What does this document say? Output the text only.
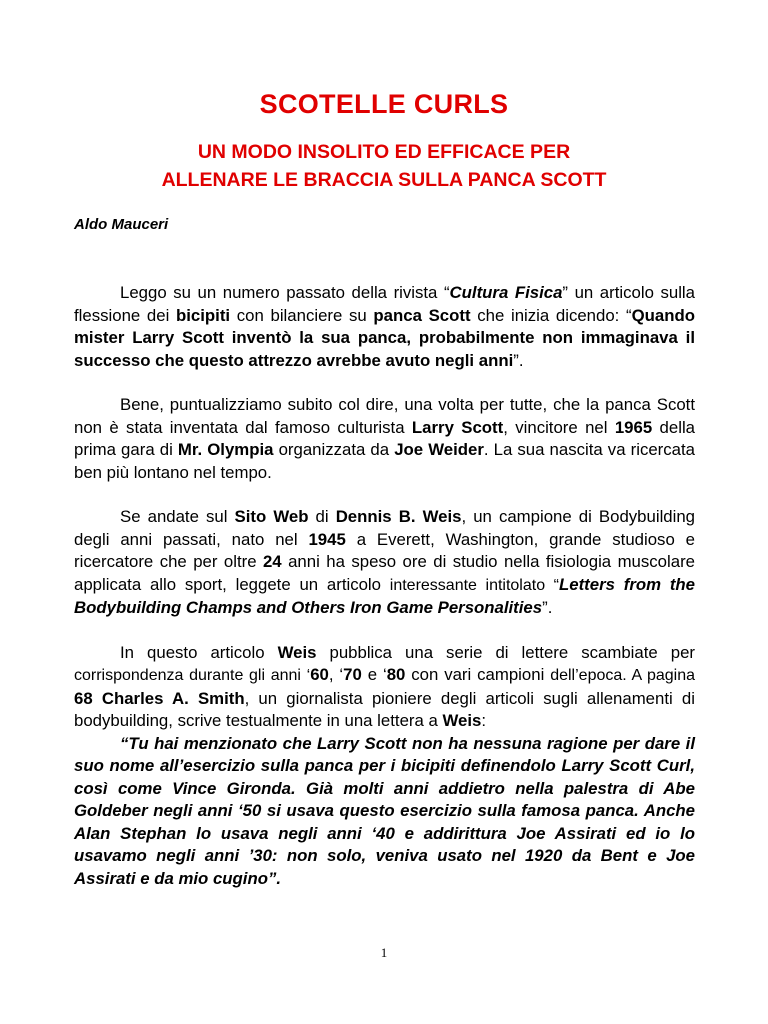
SCOTELLE CURLS
UN MODO INSOLITO ED EFFICACE PER
ALLENARE LE BRACCIA SULLA PANCA SCOTT
Aldo Mauceri

Leggo su un numero passato della rivista “Cultura Fisica” un articolo sulla flessione dei bicipiti con bilanciere su panca Scott che inizia dicendo: “Quando mister Larry Scott inventò la sua panca, probabilmente non immaginava il successo che questo attrezzo avrebbe avuto negli anni”.

Bene, puntualizziamo subito col dire, una volta per tutte, che la panca Scott non è stata inventata dal famoso culturista Larry Scott, vincitore nel 1965 della prima gara di Mr. Olympia organizzata da Joe Weider. La sua nascita va ricercata ben più lontano nel tempo.

Se andate sul Sito Web di Dennis B. Weis, un campione di Bodybuilding degli anni passati, nato nel 1945 a Everett, Washington, grande studioso e ricercatore che per oltre 24 anni ha speso ore di studio nella fisiologia muscolare applicata allo sport, leggete un articolo interessante intitolato “Letters from the Bodybuilding Champs and Others Iron Game Personalities”.

In questo articolo Weis pubblica una serie di lettere scambiate per corrispondenza durante gli anni ‘60, ‘70 e ‘80 con vari campioni dell’epoca. A pagina 68 Charles A. Smith, un giornalista pioniere degli articoli sugli allenamenti di bodybuilding, scrive testualmente in una lettera a Weis:

“Tu hai menzionato che Larry Scott non ha nessuna ragione per dare il suo nome all’esercizio sulla panca per i bicipiti definendolo Larry Scott Curl, così come Vince Gironda. Già molti anni addietro nella palestra di Abe Goldeber negli anni ‘50 si usava questo esercizio sulla famosa panca. Anche Alan Stephan lo usava negli anni ‘40 e addirittura Joe Assirati ed io lo usavamo negli anni ’30: non solo, veniva usato nel 1920 da Bent e Joe Assirati e da mio cugino”.

1
